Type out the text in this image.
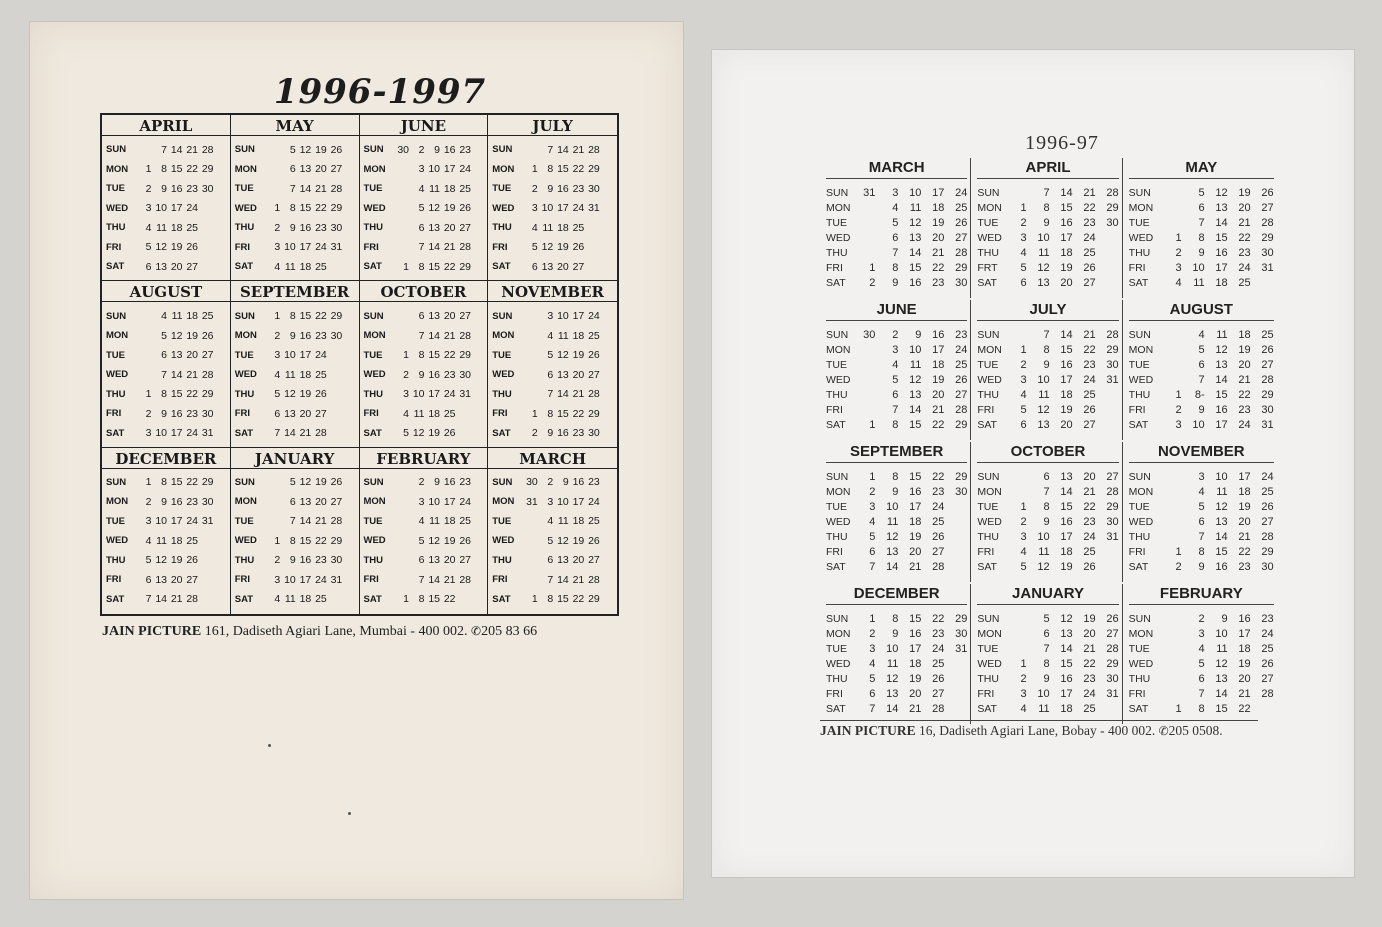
1996-1997
APRIL
SUN	7 14 21 28
MON	1 8 15 22 29
TUE	2 9 16 23 30
WED	3 10 17 24
THU	4 11 18 25
FRI	5 12 19 26
SAT	6 13 20 27
MAY
SUN	5 12 19 26
MON	6 13 20 27
TUE	7 14 21 28
WED	1 8 15 22 29
THU	2 9 16 23 30
FRI	3 10 17 24 31
SAT	4 11 18 25
JUNE
SUN	30 2 9 16 23
MON	3 10 17 24
TUE	4 11 18 25
WED	5 12 19 26
THU	6 13 20 27
FRI	7 14 21 28
SAT	1 8 15 22 29
JULY
SUN	7 14 21 28
MON	1 8 15 22 29
TUE	2 9 16 23 30
WED	3 10 17 24 31
THU	4 11 18 25
FRI	5 12 19 26
SAT	6 13 20 27
AUGUST
SUN	4 11 18 25
MON	5 12 19 26
TUE	6 13 20 27
WED	7 14 21 28
THU	1 8 15 22 29
FRI	2 9 16 23 30
SAT	3 10 17 24 31
SEPTEMBER
SUN	1 8 15 22 29
MON	2 9 16 23 30
TUE	3 10 17 24
WED	4 11 18 25
THU	5 12 19 26
FRI	6 13 20 27
SAT	7 14 21 28
OCTOBER
SUN	6 13 20 27
MON	7 14 21 28
TUE	1 8 15 22 29
WED	2 9 16 23 30
THU	3 10 17 24 31
FRI	4 11 18 25
SAT	5 12 19 26
NOVEMBER
SUN	3 10 17 24
MON	4 11 18 25
TUE	5 12 19 26
WED	6 13 20 27
THU	7 14 21 28
FRI	1 8 15 22 29
SAT	2 9 16 23 30
DECEMBER
SUN	1 8 15 22 29
MON	2 9 16 23 30
TUE	3 10 17 24 31
WED	4 11 18 25
THU	5 12 19 26
FRI	6 13 20 27
SAT	7 14 21 28
JANUARY
SUN	5 12 19 26
MON	6 13 20 27
TUE	7 14 21 28
WED	1 8 15 22 29
THU	2 9 16 23 30
FRI	3 10 17 24 31
SAT	4 11 18 25
FEBRUARY
SUN	2 9 16 23
MON	3 10 17 24
TUE	4 11 18 25
WED	5 12 19 26
THU	6 13 20 27
FRI	7 14 21 28
SAT	1 8 15 22
MARCH
SUN	30 2 9 16 23
MON	31 3 10 17 24
TUE	4 11 18 25
WED	5 12 19 26
THU	6 13 20 27
FRI	7 14 21 28
SAT	1 8 15 22 29
JAIN PICTURE 161, Dadiseth Agiari Lane, Mumbai - 400 002. ✆205 83 66
1996-97
MARCH
SUN	31	3 10 17 24
MON	4	11 18 25
TUE	5 12 19 26
WED	6 13 20 27
THU	7 14 21 28
FRI	1	8 15 22 29
SAT	2	9 16 23 30
APRIL
SUN	7 14 21 28
MON	1	8 15 22 29
TUE	2	9 16 23 30
WED	3 10 17 24
THU	4	11 18 25
FRT	5 12 19 26
SAT	6 13 20 27
MAY
SUN	5 12 19 26
MON	6 13 20 27
TUE	7 14 21 28
WED	1	8 15 22 29
THU	2	9 16 23 30
FRI	3 10 17 24 31
SAT	4	11 18 25
JUNE
SUN	30	2	9 16 23
MON	3 10 17 24
TUE	4	11 18 25
WED	5 12 19 26
THU	6 13 20 27
FRI	7 14 21 28
SAT	1	8 15 22 29
JULY
SUN	7 14 21 28
MON	1	8 15 22 29
TUE	2	9 16 23 30
WED	3 10 17 24 31
THU	4	11 18 25
FRI	5 12 19 26
SAT	6 13 20 27
AUGUST
SUN	4	11 18 25
MON	5 12 19 26
TUE	6 13 20 27
WED	7 14 21 28
THU	1	8- 15 22 29
FRI	2	9 16 23 30
SAT	3 10 17 24 31
SEPTEMBER
SUN	1	8 15 22 29
MON	2	9 16 23 30
TUE	3 10 17 24
WED	4	11 18 25
THU	5 12 19 26
FRI	6 13 20 27
SAT	7 14 21 28
OCTOBER
SUN	6 13 20 27
MON	7 14 21 28
TUE	1	8 15 22 29
WED	2	9 16 23 30
THU	3 10 17 24 31
FRI	4	11 18 25
SAT	5 12 19 26
NOVEMBER
SUN	3 10 17 24
MON	4	11 18 25
TUE	5 12 19 26
WED	6 13 20 27
THU	7 14 21 28
FRI	1	8 15 22 29
SAT	2	9 16 23 30
DECEMBER
SUN	1	8 15 22 29
MON	2	9 16 23 30
TUE	3 10 17 24 31
WED	4	11 18 25
THU	5 12 19 26
FRI	6 13 20 27
SAT	7 14 21 28
JANUARY
SUN	5 12 19 26
MON	6 13 20 27
TUE	7 14 21 28
WED	1	8 15 22 29
THU	2	9 16 23 30
FRI	3 10 17 24 31
SAT	4	11 18 25
FEBRUARY
SUN	2	9 16 23
MON	3 10 17 24
TUE	4	11 18 25
WED	5 12 19 26
THU	6 13 20 27
FRI	7 14 21 28
SAT	1	8 15 22
JAIN PICTURE 16, Dadiseth Agiari Lane, Bobay - 400 002. ✆205 0508.
